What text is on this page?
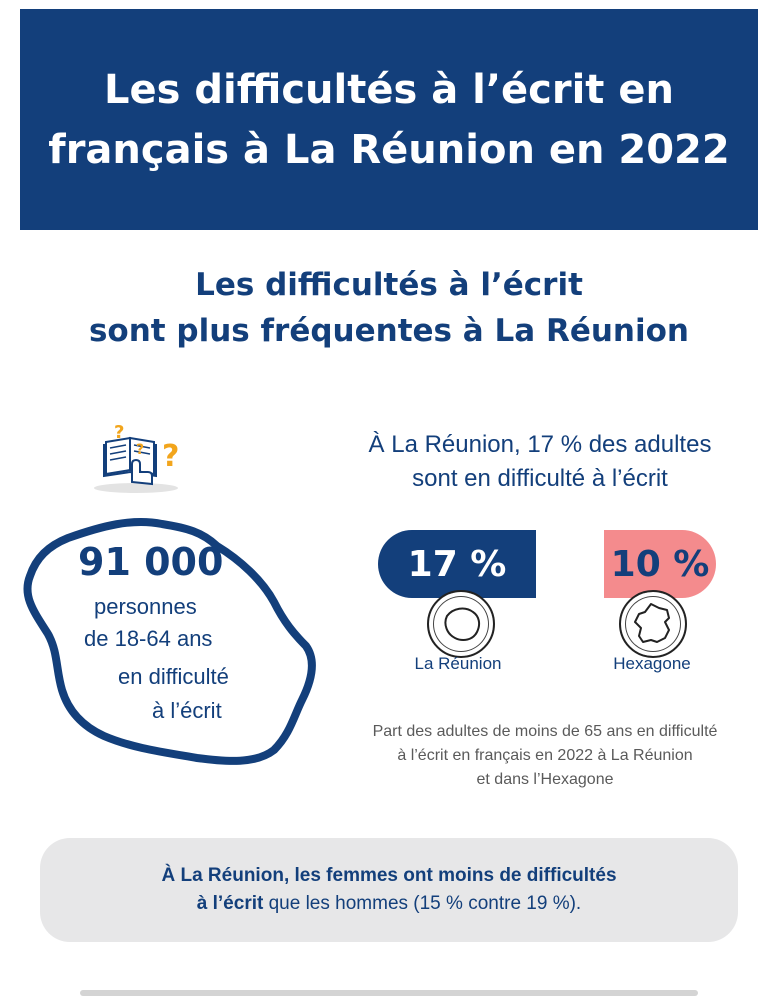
Les difficultés à l’écrit en
français à La Réunion en 2022
Les difficultés à l’écrit
sont plus fréquentes à La Réunion
?
? ?
91 000
personnes
de 18-64 ans
en difficulté
à l’écrit
À La Réunion, 17 % des adultes
sont en difficulté à l’écrit
17 %	10 %
La Réunion	Hexagone
Part des adultes de moins de 65 ans en difficulté
à l’écrit en français en 2022 à La Réunion
et dans l’Hexagone
À La Réunion, les femmes ont moins de difficultés
à l’écrit que les hommes (15 % contre 19 %).
